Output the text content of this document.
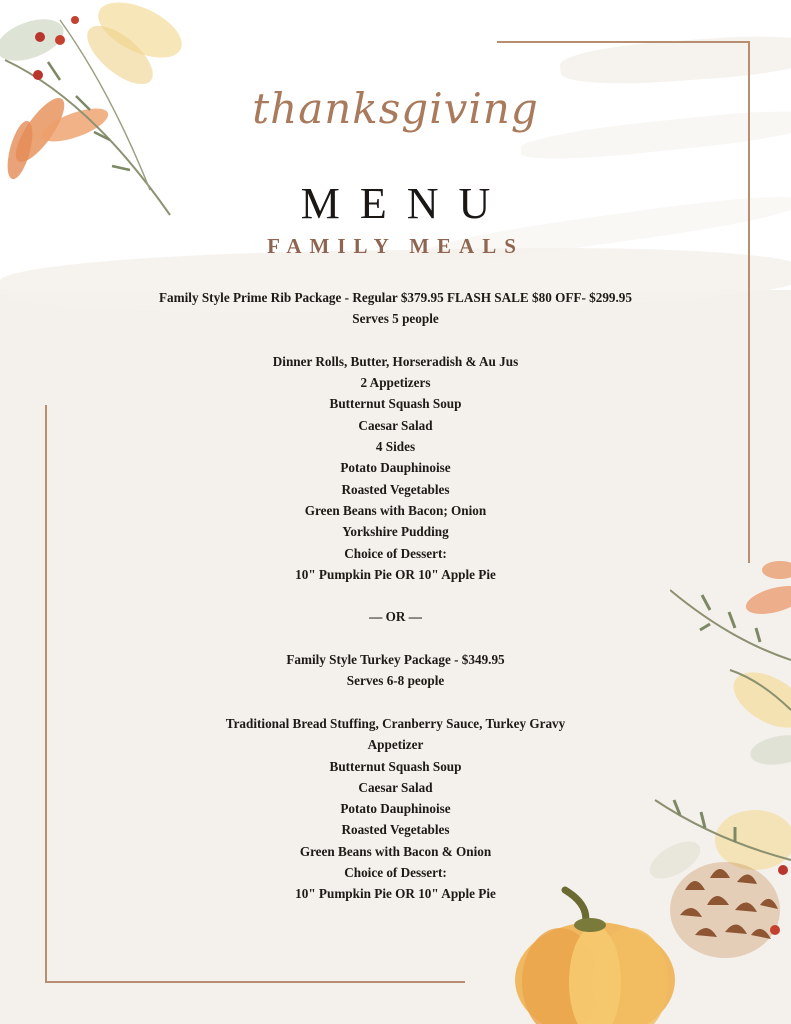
thanksgiving
MENU
FAMILY MEALS
Family Style Prime Rib Package - Regular $379.95 FLASH SALE $80 OFF- $299.95
Serves 5 people
Dinner Rolls, Butter, Horseradish & Au Jus
2 Appetizers
Butternut Squash Soup
Caesar Salad
4 Sides
Potato Dauphinoise
Roasted Vegetables
Green Beans with Bacon; Onion
Yorkshire Pudding
Choice of Dessert:
10" Pumpkin Pie OR 10" Apple Pie
— OR —
Family Style Turkey Package - $349.95
Serves 6-8 people
Traditional Bread Stuffing, Cranberry Sauce, Turkey Gravy
Appetizer
Butternut Squash Soup
Caesar Salad
Potato Dauphinoise
Roasted Vegetables
Green Beans with Bacon & Onion
Choice of Dessert:
10" Pumpkin Pie OR 10" Apple Pie
